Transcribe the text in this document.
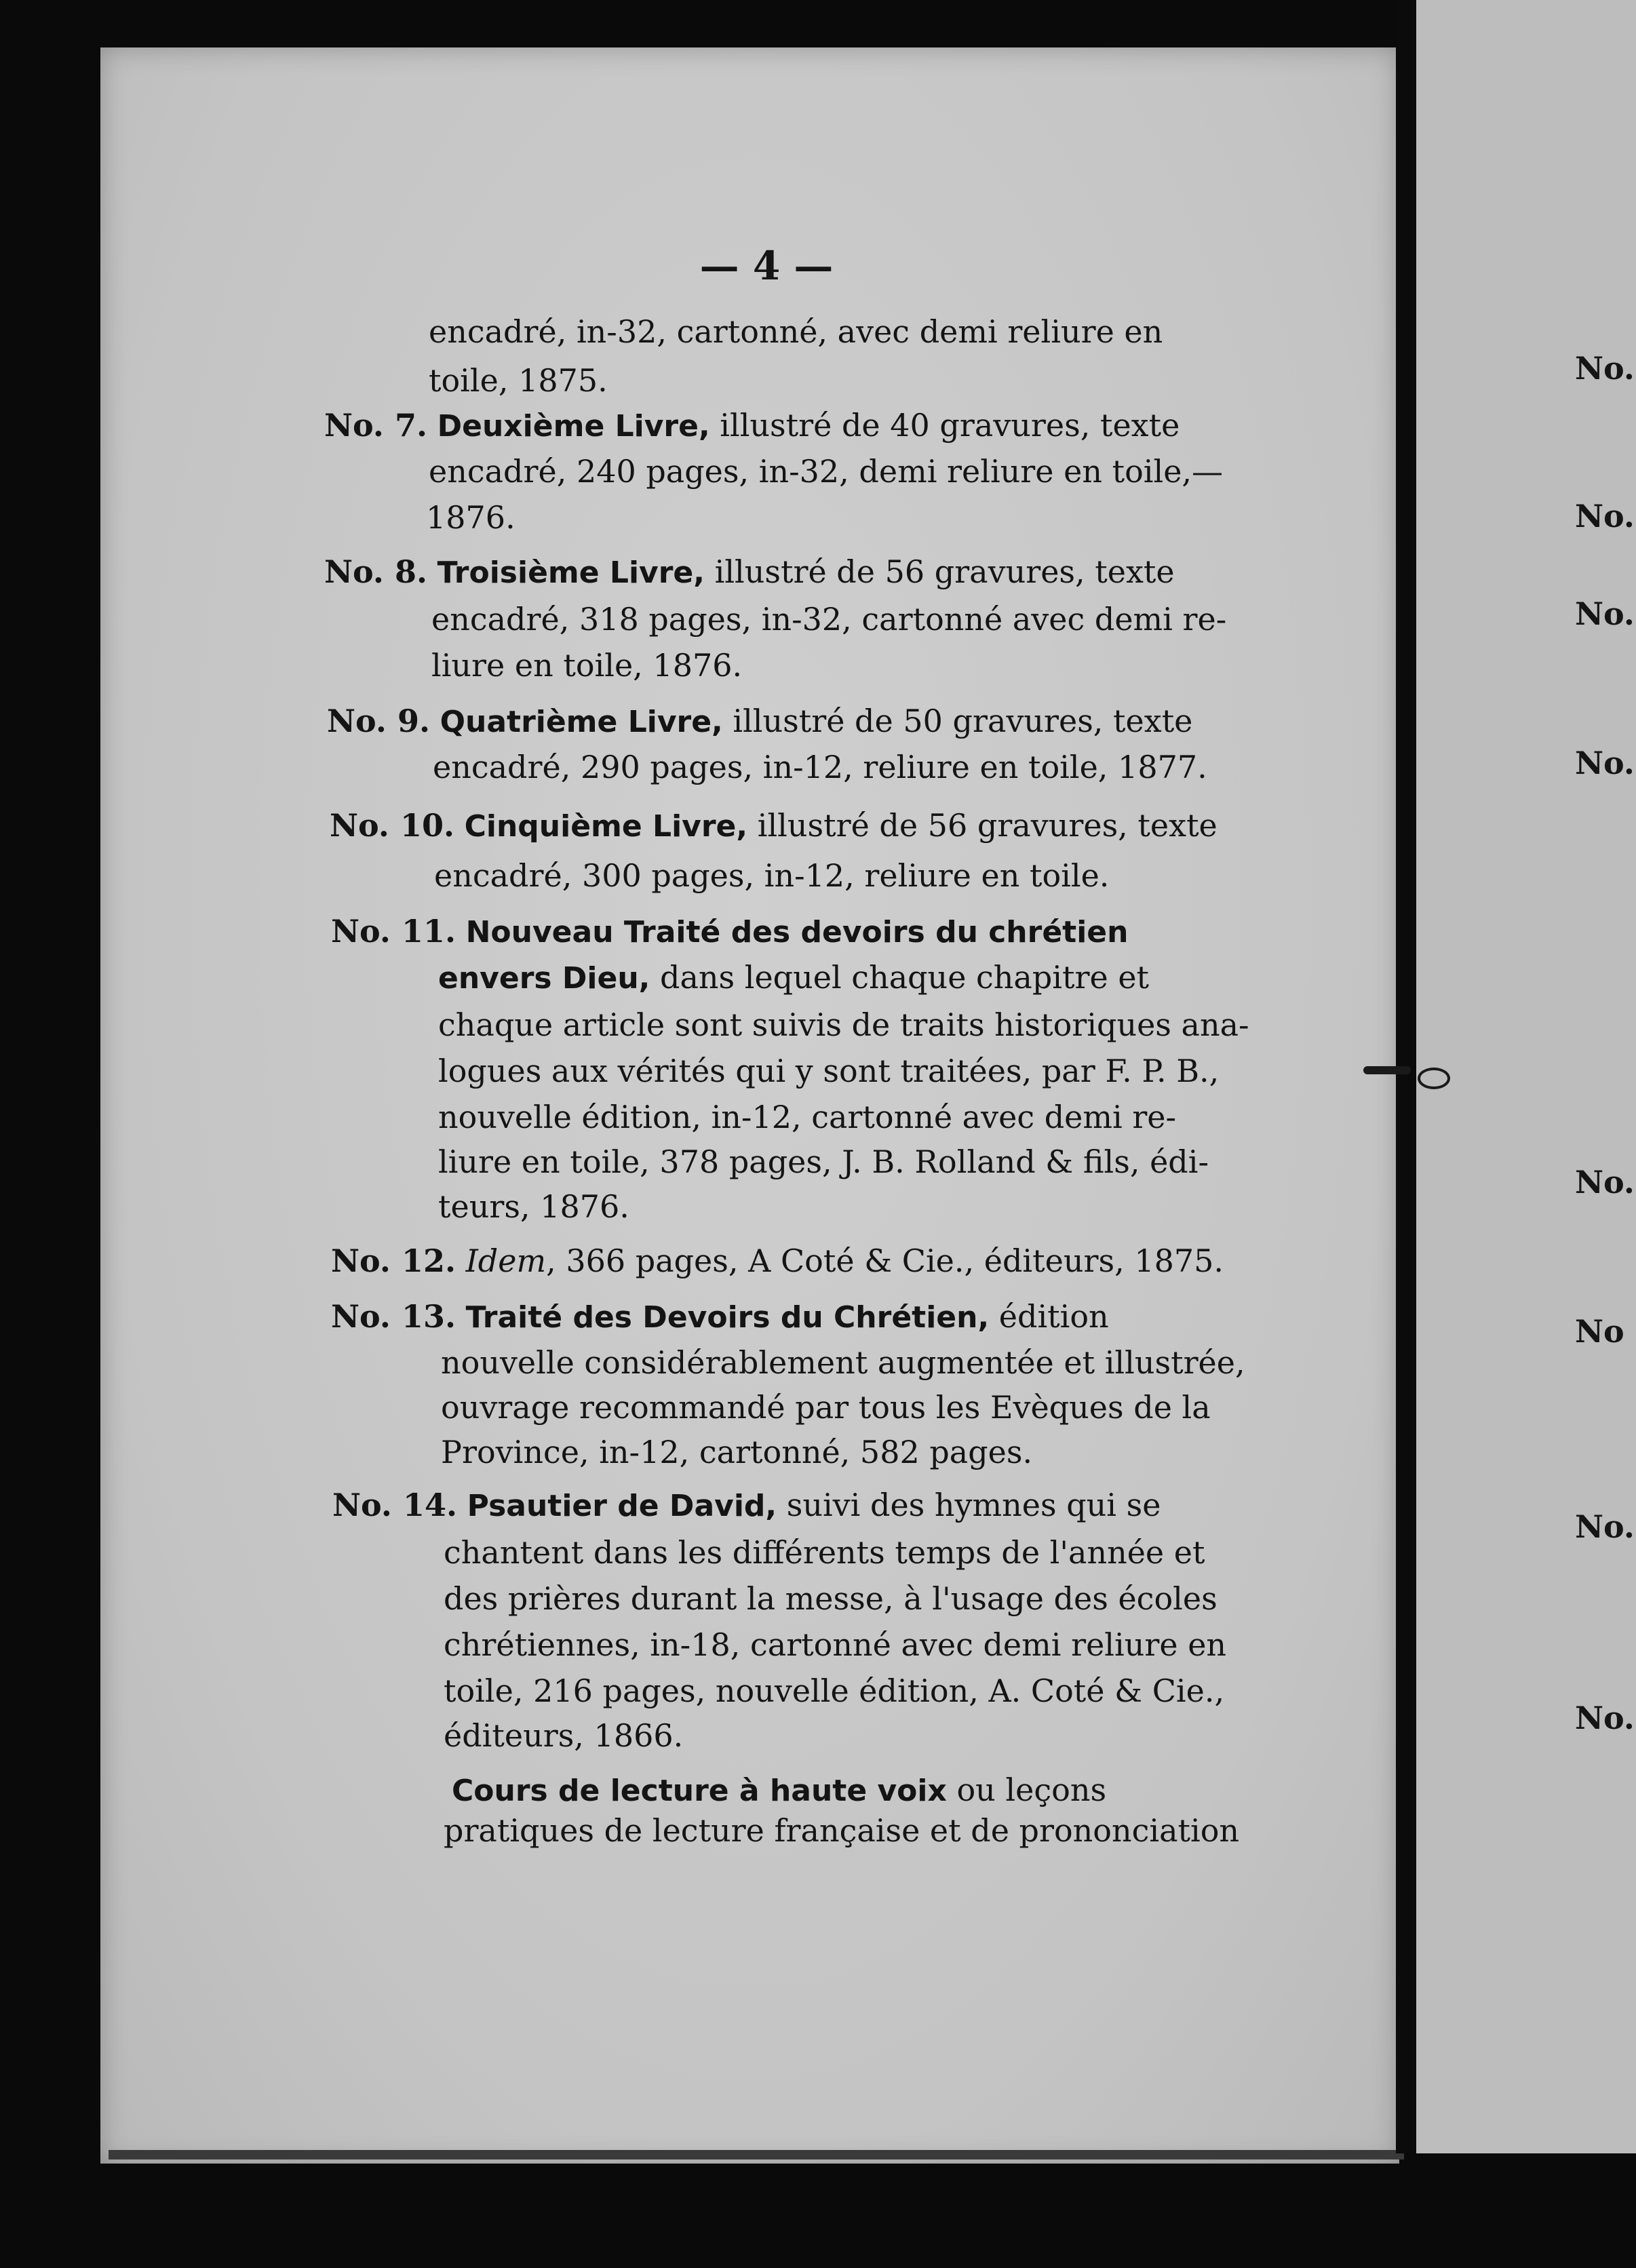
— 4 —
encadré, in-32, cartonné, avec demi reliure en
toile, 1875.
No. 7. Deuxième Livre, illustré de 40 gravures, texte
encadré, 240 pages, in-32, demi reliure en toile,—
1876.
No. 8. Troisième Livre, illustré de 56 gravures, texte
encadré, 318 pages, in-32, cartonné avec demi re-
liure en toile, 1876.
No. 9. Quatrième Livre, illustré de 50 gravures, texte
encadré, 290 pages, in-12, reliure en toile, 1877.
No. 10. Cinquième Livre, illustré de 56 gravures, texte
encadré, 300 pages, in-12, reliure en toile.
No. 11. Nouveau Traité des devoirs du chrétien
envers Dieu, dans lequel chaque chapitre et
chaque article sont suivis de traits historiques ana-
logues aux vérités qui y sont traitées, par F. P. B.,
nouvelle édition, in-12, cartonné avec demi re-
liure en toile, 378 pages, J. B. Rolland & fils, édi-
teurs, 1876.
No. 12. Idem, 366 pages, A Coté & Cie., éditeurs, 1875.
No. 13. Traité des Devoirs du Chrétien, édition
nouvelle considérablement augmentée et illustrée,
ouvrage recommandé par tous les Evèques de la
Province, in-12, cartonné, 582 pages.
No. 14. Psautier de David, suivi des hymnes qui se
chantent dans les différents temps de l'année et
des prières durant la messe, à l'usage des écoles
chrétiennes, in-18, cartonné avec demi reliure en
toile, 216 pages, nouvelle édition, A. Coté & Cie.,
éditeurs, 1866.
Cours de lecture à haute voix ou leçons
pratiques de lecture française et de prononciation
No.
No.
No.
No.
No.
No
No.
No.
